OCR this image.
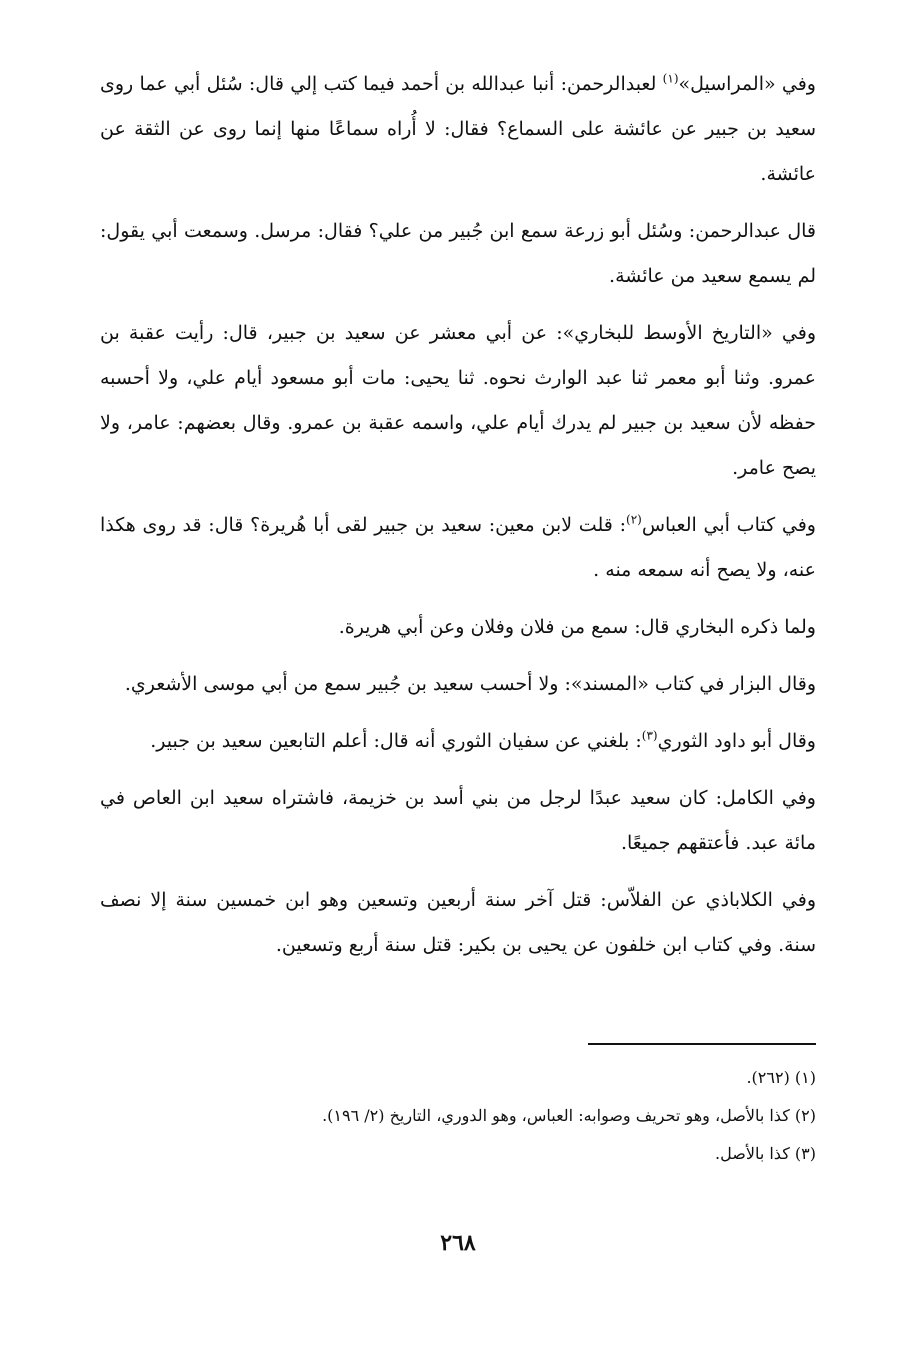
وفي «المراسيل»$^{(١)}$ لعبدالرحمن: أنبا عبدالله بن أحمد فيما كتب إلي قال: سُئل أبي عما روى سعيد بن جبير عن عائشة على السماع؟ فقال: لا أُراه سماعًا منها إنما روى عن الثقة عن عائشة.

قال عبدالرحمن: وسُئل أبو زرعة سمع ابن جُبير من علي؟ فقال: مرسل. وسمعت أبي يقول: لم يسمع سعيد من عائشة.

وفي «التاريخ الأوسط للبخاري»: عن أبي معشر عن سعيد بن جبير، قال: رأيت عقبة بن عمرو. وثنا أبو معمر ثنا عبد الوارث نحوه. ثنا يحيى: مات أبو مسعود أيام علي، ولا أحسبه حفظه لأن سعيد بن جبير لم يدرك أيام علي، واسمه عقبة بن عمرو. وقال بعضهم: عامر، ولا يصح عامر.

وفي كتاب أبي العباس$^{(٢)}$: قلت لابن معين: سعيد بن جبير لقى أبا هُريرة؟ قال: قد روى هكذا عنه، ولا يصح أنه سمعه منه .

ولما ذكره البخاري قال: سمع من فلان وفلان وعن أبي هريرة.

وقال البزار في كتاب «المسند»: ولا أحسب سعيد بن جُبير سمع من أبي موسى الأشعري.

وقال أبو داود الثوري$^{(٣)}$: بلغني عن سفيان الثوري أنه قال: أعلم التابعين سعيد بن جبير.

وفي الكامل: كان سعيد عبدًا لرجل من بني أسد بن خزيمة، فاشتراه سعيد ابن العاص في مائة عبد. فأعتقهم جميعًا.

وفي الكلاباذي عن الفلاّس: قتل آخر سنة أربعين وتسعين وهو ابن خمسين سنة إلا نصف سنة. وفي كتاب ابن خلفون عن يحيى بن بكير: قتل سنة أربع وتسعين.

(١) (٢٦٢).

(٢) كذا بالأصل، وهو تحريف وصوابه: العباس، وهو الدوري، التاريخ (٢/ ١٩٦).

(٣) كذا بالأصل.

٢٦٨
